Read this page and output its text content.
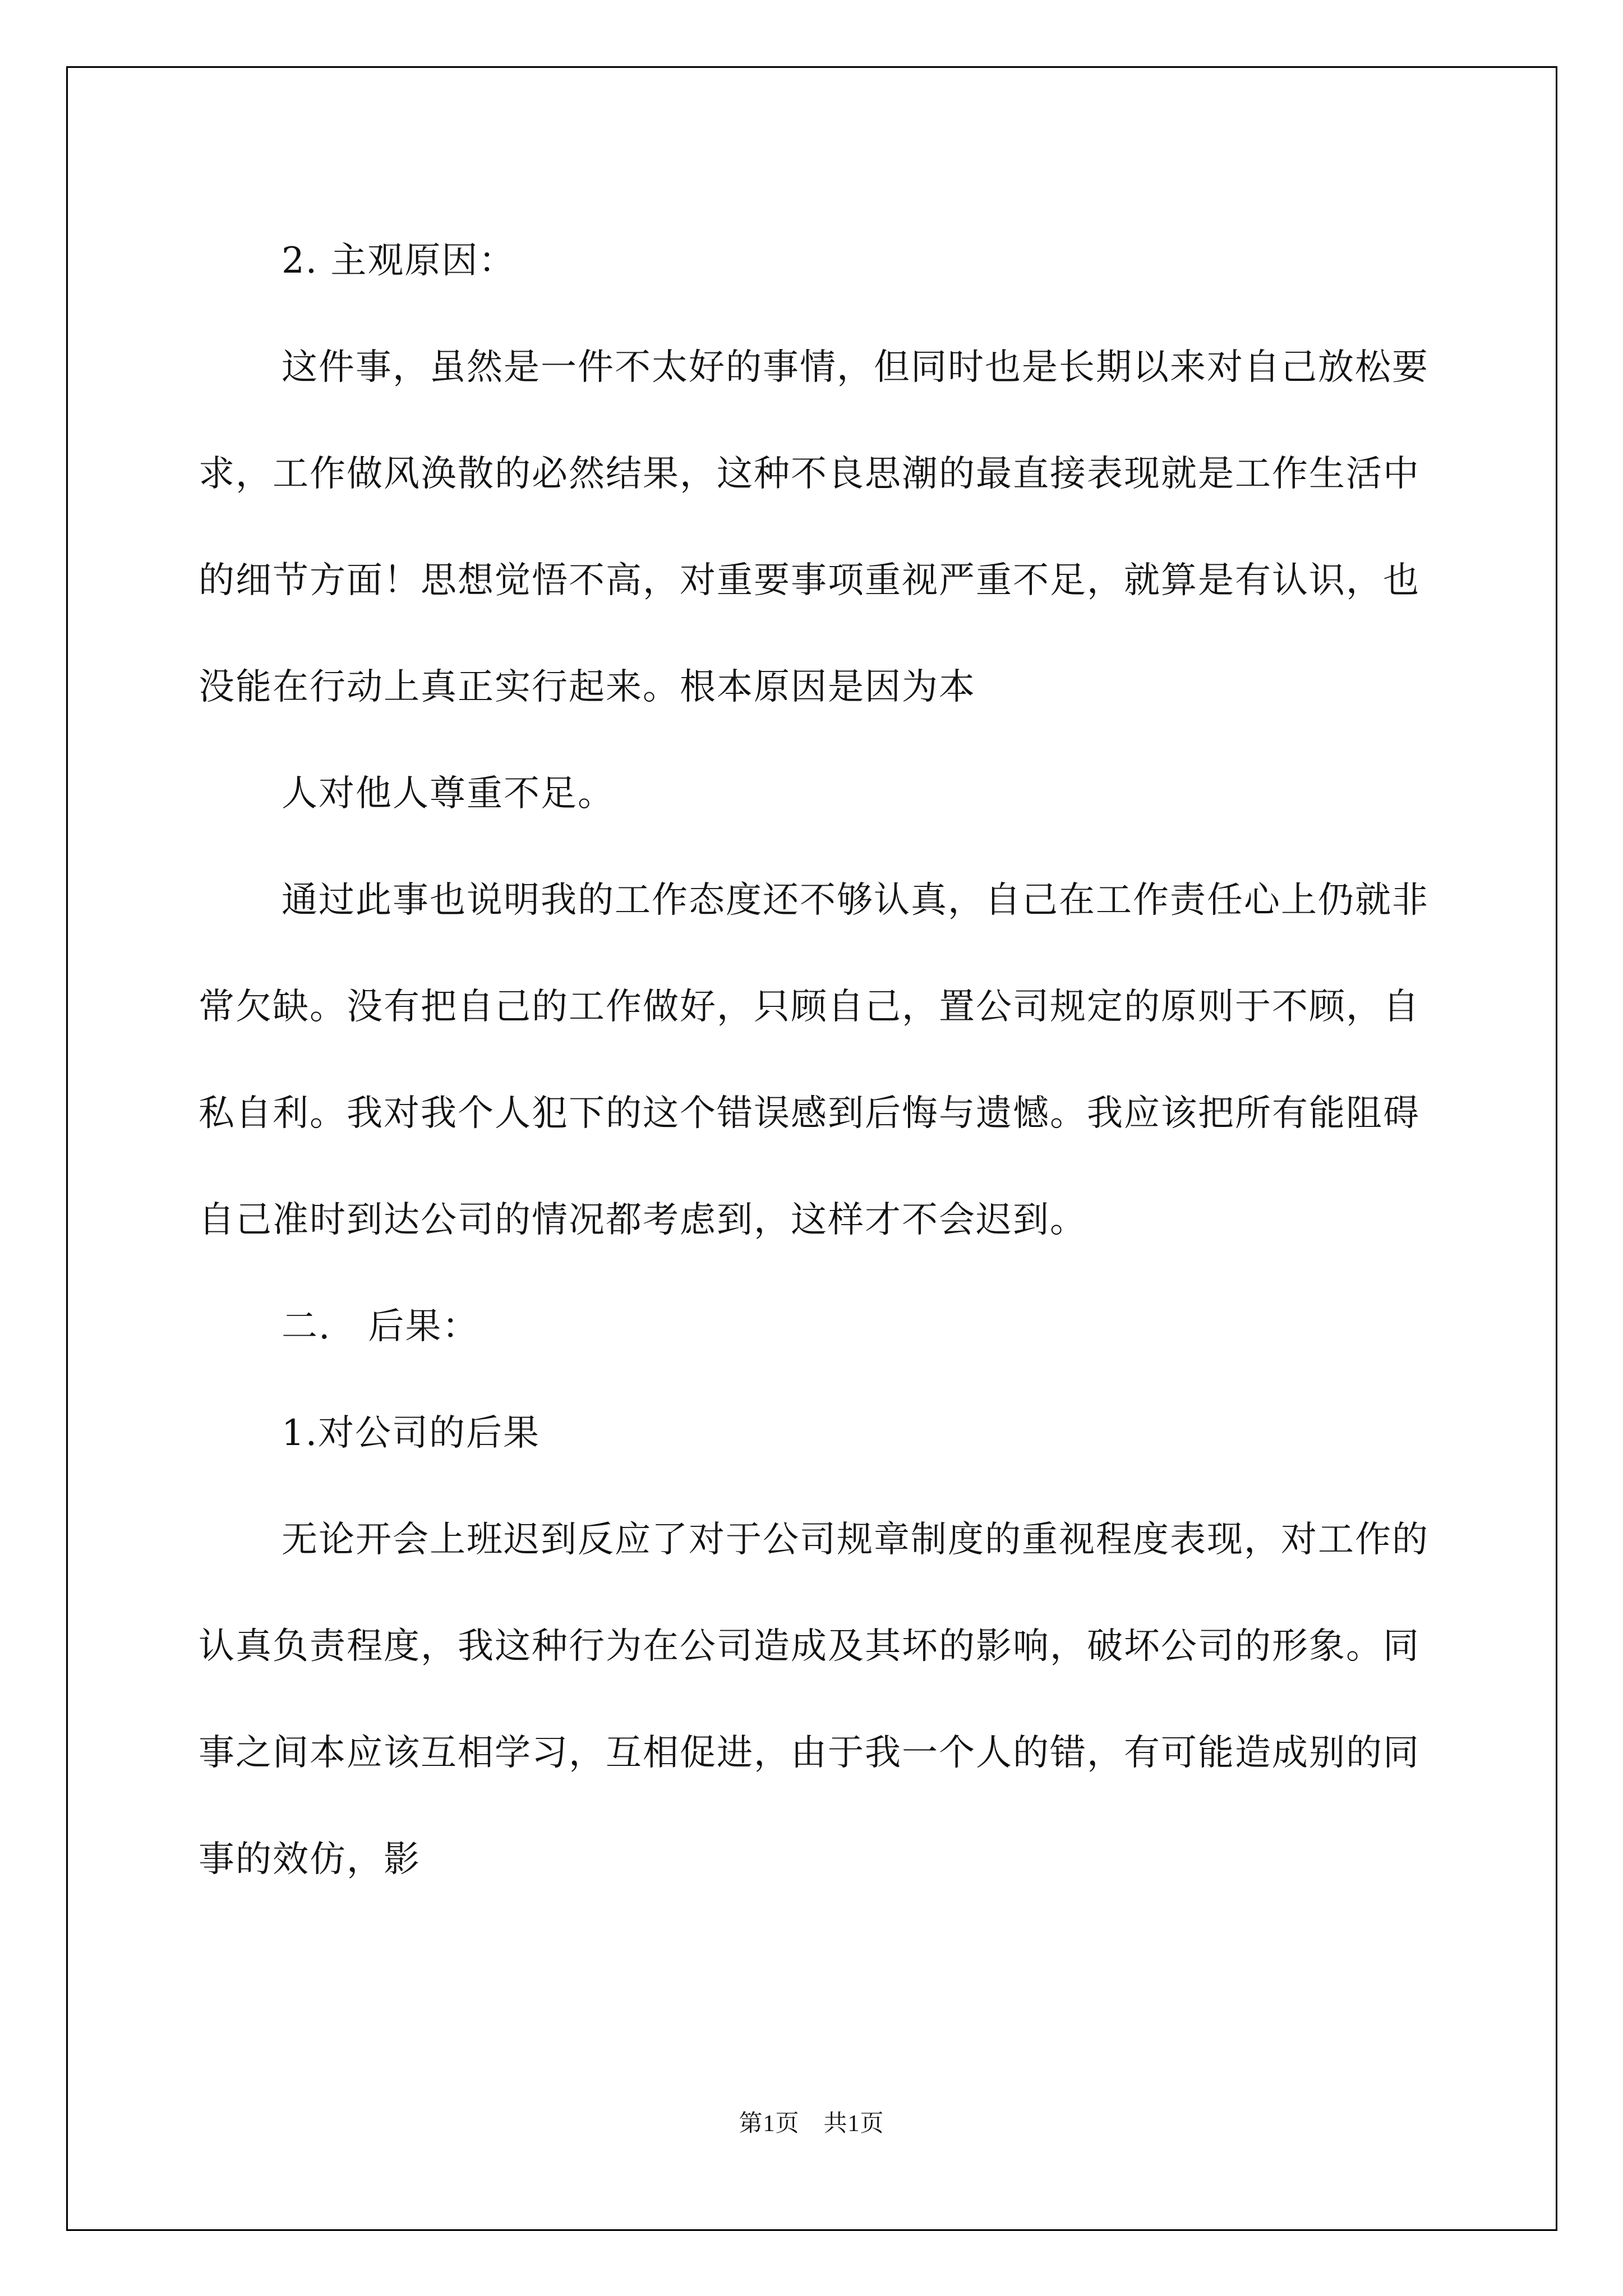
2. 主观原因：

这件事，虽然是一件不太好的事情，但同时也是长期以来对自己放松要求，工作做风涣散的必然结果，这种不良思潮的最直接表现就是工作生活中的细节方面！思想觉悟不高，对重要事项重视严重不足，就算是有认识，也没能在行动上真正实行起来。根本原因是因为本

人对他人尊重不足。

通过此事也说明我的工作态度还不够认真，自己在工作责任心上仍就非常欠缺。没有把自己的工作做好，只顾自己，置公司规定的原则于不顾，自私自利。我对我个人犯下的这个错误感到后悔与遗憾。我应该把所有能阻碍自己准时到达公司的情况都考虑到，这样才不会迟到。

二.　后果：

1.对公司的后果

无论开会上班迟到反应了对于公司规章制度的重视程度表现，对工作的认真负责程度，我这种行为在公司造成及其坏的影响，破坏公司的形象。同事之间本应该互相学习，互相促进，由于我一个人的错，有可能造成别的同事的效仿，影

第1页　共1页
